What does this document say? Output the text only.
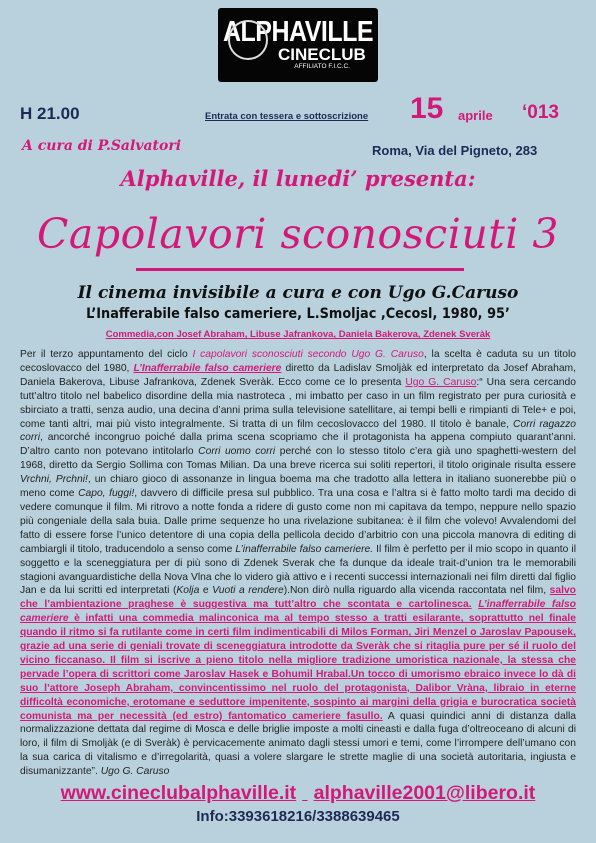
ALPHAVILLE
CINECLUB
AFFILIATO F.I.C.C.
H 21.00	Entrata con tessera e sottoscrizione 15 aprile ‘013
A cura di P.Salvatori	Roma, Via del Pigneto, 283
Alphaville, il lunedi’ presenta:
Capolavori sconosciuti 3
Il cinema invisibile a cura e con Ugo G.Caruso
L’Inafferabile falso cameriere, L.Smoljac ,Cecosl, 1980, 95’
Commedia,con Josef Abraham, Libuse Jafrankova, Daniela Bakerova, Zdenek Sveràk

Per il terzo appuntamento del ciclo I capolavori sconosciuti secondo Ugo G. Caruso, la scelta è caduta su un titolo cecoslovacco del 1980, L’Inafferrabile falso cameriere diretto da Ladislav Smoljàk ed interpretato da Josef Abraham, Daniela Bakerova, Libuse Jafrankova, Zdenek Sveràk. Ecco come ce lo presenta Ugo G. Caruso:“ Una sera cercando tutt’altro titolo nel babelico disordine della mia nastroteca , mi imbatto per caso in un film registrato per pura curiosità e sbirciato a tratti, senza audio, una decina d’anni prima sulla televisione satellitare, ai tempi belli e rimpianti di Tele+ e poi, come tanti altri, mai più visto integralmente. Si tratta di un film cecoslovacco del 1980. Il titolo è banale, Corri ragazzo corri, ancorché incongruo poiché dalla prima scena scopriamo che il protagonista ha appena compiuto quarant’anni. D’altro canto non potevano intitolarlo Corri uomo corri perché con lo stesso titolo c’era già uno spaghetti-western del 1968, diretto da Sergio Sollima con Tomas Milian. Da una breve ricerca sui soliti repertori, il titolo originale risulta essere Vrchni, Prchni!, un chiaro gioco di assonanze in lingua boema ma che tradotto alla lettera in italiano suonerebbe più o meno come Capo, fuggi!, davvero di difficile presa sul pubblico. Tra una cosa e l’altra si è fatto molto tardi ma decido di vedere comunque il film. Mi ritrovo a notte fonda a ridere di gusto come non mi capitava da tempo, neppure nello spazio più congeniale della sala buia. Dalle prime sequenze ho una rivelazione subitanea: è il film che volevo! Avvalendomi del fatto di essere forse l’unico detentore di una copia della pellicola decido d’arbitrio con una piccola manovra di editing di cambiargli il titolo, traducendolo a senso come L’inafferrabile falso cameriere. Il film è perfetto per il mio scopo in quanto il soggetto e la sceneggiatura per di più sono di Zdenek Sverak che fa dunque da ideale trait-d’union tra le memorabili stagioni avanguardistiche della Nova Vlna che lo videro già attivo e i recenti successi internazionali nei film diretti dal figlio Jan e da lui scritti ed interpretati (Kolja e Vuoti a rendere).Non dirò nulla riguardo alla vicenda raccontata nel film, salvo che l’ambientazione praghese è suggestiva ma tutt’altro che scontata e cartolinesca. L’inafferrabile falso cameriere è infatti una commedia malinconica ma al tempo stesso a tratti esilarante, soprattutto nel finale quando il ritmo si fa rutilante come in certi film indimenticabili di Milos Forman, Jiri Menzel o Jaroslav Papousek, grazie ad una serie di geniali trovate di sceneggiatura introdotte da Sveràk che si ritaglia pure per sé il ruolo del vicino ficcanaso. Il film si iscrive a pieno titolo nella migliore tradizione umoristica nazionale, la stessa che pervade l’opera di scrittori come Jaroslav Hasek e Bohumil Hrabal.Un tocco di umorismo ebraico invece lo dà di suo l’attore Joseph Abraham, convincentissimo nel ruolo del protagonista, Dalibor Vràna, libraio in eterne difficoltà economiche, erotomane e seduttore impenitente, sospinto ai margini della grigia e burocratica società comunista ma per necessità (ed estro) fantomatico cameriere fasullo. A quasi quindici anni di distanza dalla normalizzazione dettata dal regime di Mosca e delle briglie imposte a molti cineasti e dalla fuga d’oltreoceano di alcuni di loro, il film di Smoljàk (e di Sveràk) è pervicacemente animato dagli stessi umori e temi, come l’irrompere dell’umano con la sua carica di vitalismo e d’irregolarità, quasi a volere slargare le strette maglie di una società autoritaria, ingiusta e disumanizzante”. Ugo G. Caruso

www.cineclubalphaville.it alphaville2001@libero.it
Info:3393618216/3388639465
